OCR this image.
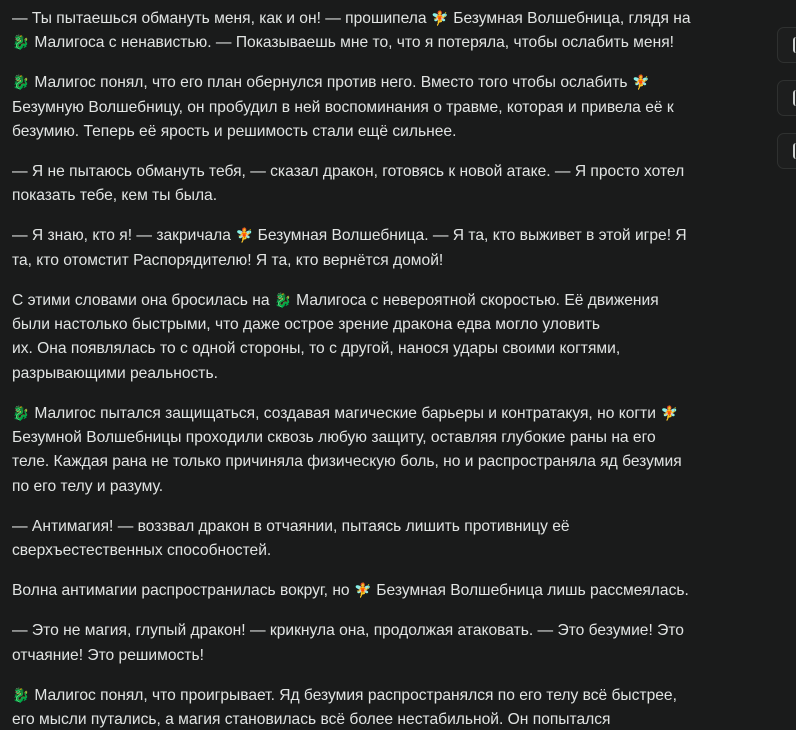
— Ты пытаешься обмануть меня, как и он! — прошипела 🧚 Безумная Волшебница, глядя на
🐉 Малигоса с ненавистью. — Показываешь мне то, что я потеряла, чтобы ослабить меня!

🐉 Малигос понял, что его план обернулся против него. Вместо того чтобы ослабить 🧚
Безумную Волшебницу, он пробудил в ней воспоминания о травме, которая и привела её к
безумию. Теперь её ярость и решимость стали ещё сильнее.

— Я не пытаюсь обмануть тебя, — сказал дракон, готовясь к новой атаке. — Я просто хотел
показать тебе, кем ты была.

— Я знаю, кто я! — закричала 🧚 Безумная Волшебница. — Я та, кто выживет в этой игре! Я
та, кто отомстит Распорядителю! Я та, кто вернётся домой!

С этими словами она бросилась на 🐉 Малигоса с невероятной скоростью. Её движения
были настолько быстрыми, что даже острое зрение дракона едва могло уловить
их. Она появлялась то с одной стороны, то с другой, нанося удары своими когтями,
разрывающими реальность.

🐉 Малигос пытался защищаться, создавая магические барьеры и контратакуя, но когти 🧚
Безумной Волшебницы проходили сквозь любую защиту, оставляя глубокие раны на его
теле. Каждая рана не только причиняла физическую боль, но и распространяла яд безумия
по его телу и разуму.

— Антимагия! — воззвал дракон в отчаянии, пытаясь лишить противницу её
сверхъестественных способностей.

Волна антимагии распространилась вокруг, но 🧚 Безумная Волшебница лишь рассмеялась.

— Это не магия, глупый дракон! — крикнула она, продолжая атаковать. — Это безумие! Это
отчаяние! Это решимость!

🐉 Малигос понял, что проигрывает. Яд безумия распространялся по его телу всё быстрее,
его мысли путались, а магия становилась всё более нестабильной. Он попытался
